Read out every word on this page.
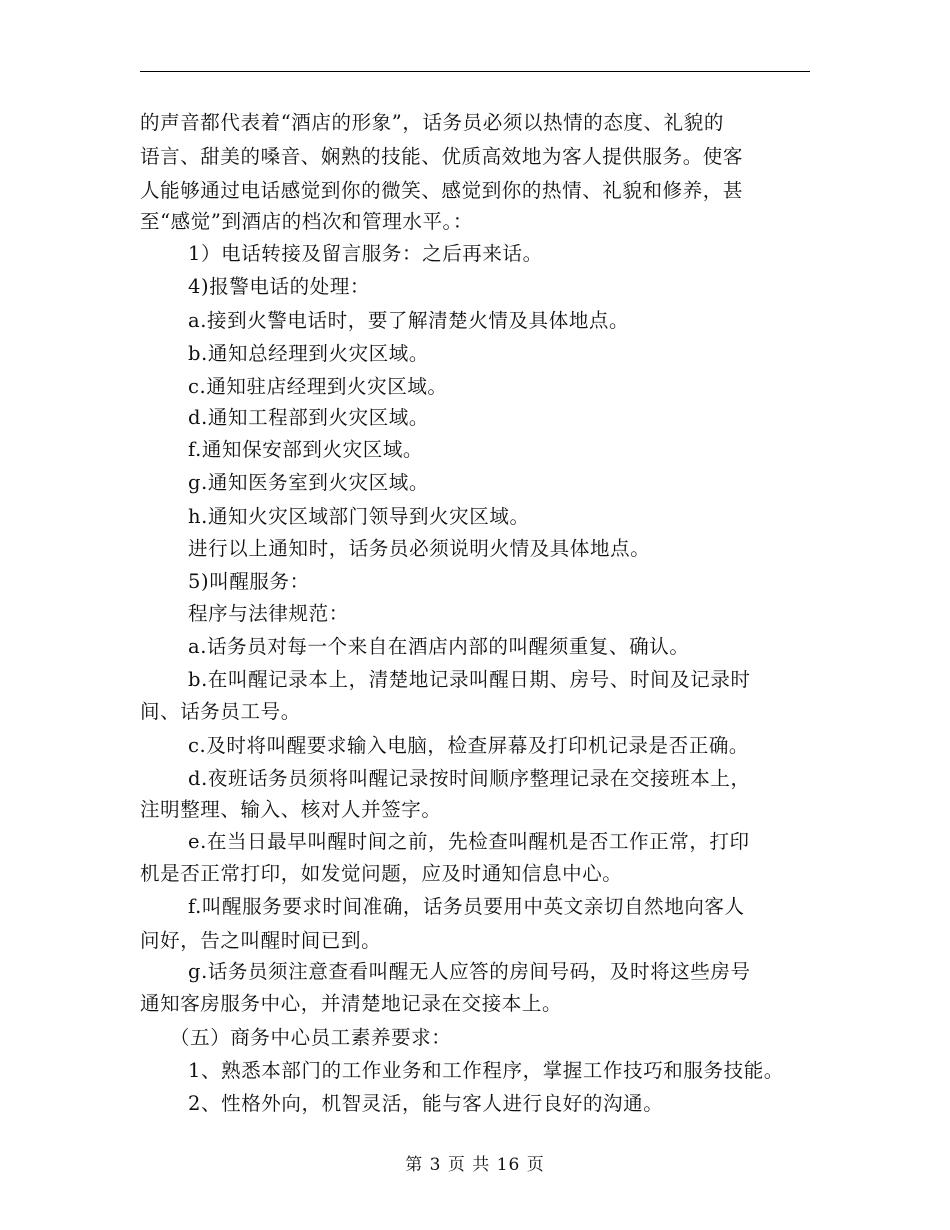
的声音都代表着“酒店的形象”，话务员必须以热情的态度、礼貌的
语言、甜美的嗓音、娴熟的技能、优质高效地为客人提供服务。使客
人能够通过电话感觉到你的微笑、感觉到你的热情、礼貌和修养，甚
至“感觉”到酒店的档次和管理水平。：
1）电话转接及留言服务：之后再来话。
4)报警电话的处理：
a.接到火警电话时，要了解清楚火情及具体地点。
b.通知总经理到火灾区域。
c.通知驻店经理到火灾区域。
d.通知工程部到火灾区域。
f.通知保安部到火灾区域。
g.通知医务室到火灾区域。
h.通知火灾区域部门领导到火灾区域。
进行以上通知时，话务员必须说明火情及具体地点。
5)叫醒服务：
程序与法律规范：
a.话务员对每一个来自在酒店内部的叫醒须重复、确认。
b.在叫醒记录本上，清楚地记录叫醒日期、房号、时间及记录时
间、话务员工号。
c.及时将叫醒要求输入电脑，检查屏幕及打印机记录是否正确。
d.夜班话务员须将叫醒记录按时间顺序整理记录在交接班本上，
注明整理、输入、核对人并签字。
e.在当日最早叫醒时间之前，先检查叫醒机是否工作正常，打印
机是否正常打印，如发觉问题，应及时通知信息中心。
f.叫醒服务要求时间准确，话务员要用中英文亲切自然地向客人
问好，告之叫醒时间已到。
g.话务员须注意查看叫醒无人应答的房间号码，及时将这些房号
通知客房服务中心，并清楚地记录在交接本上。
（五）商务中心员工素养要求：
1、熟悉本部门的工作业务和工作程序，掌握工作技巧和服务技能。
2、性格外向，机智灵活，能与客人进行良好的沟通。
第 3 页 共 16 页
